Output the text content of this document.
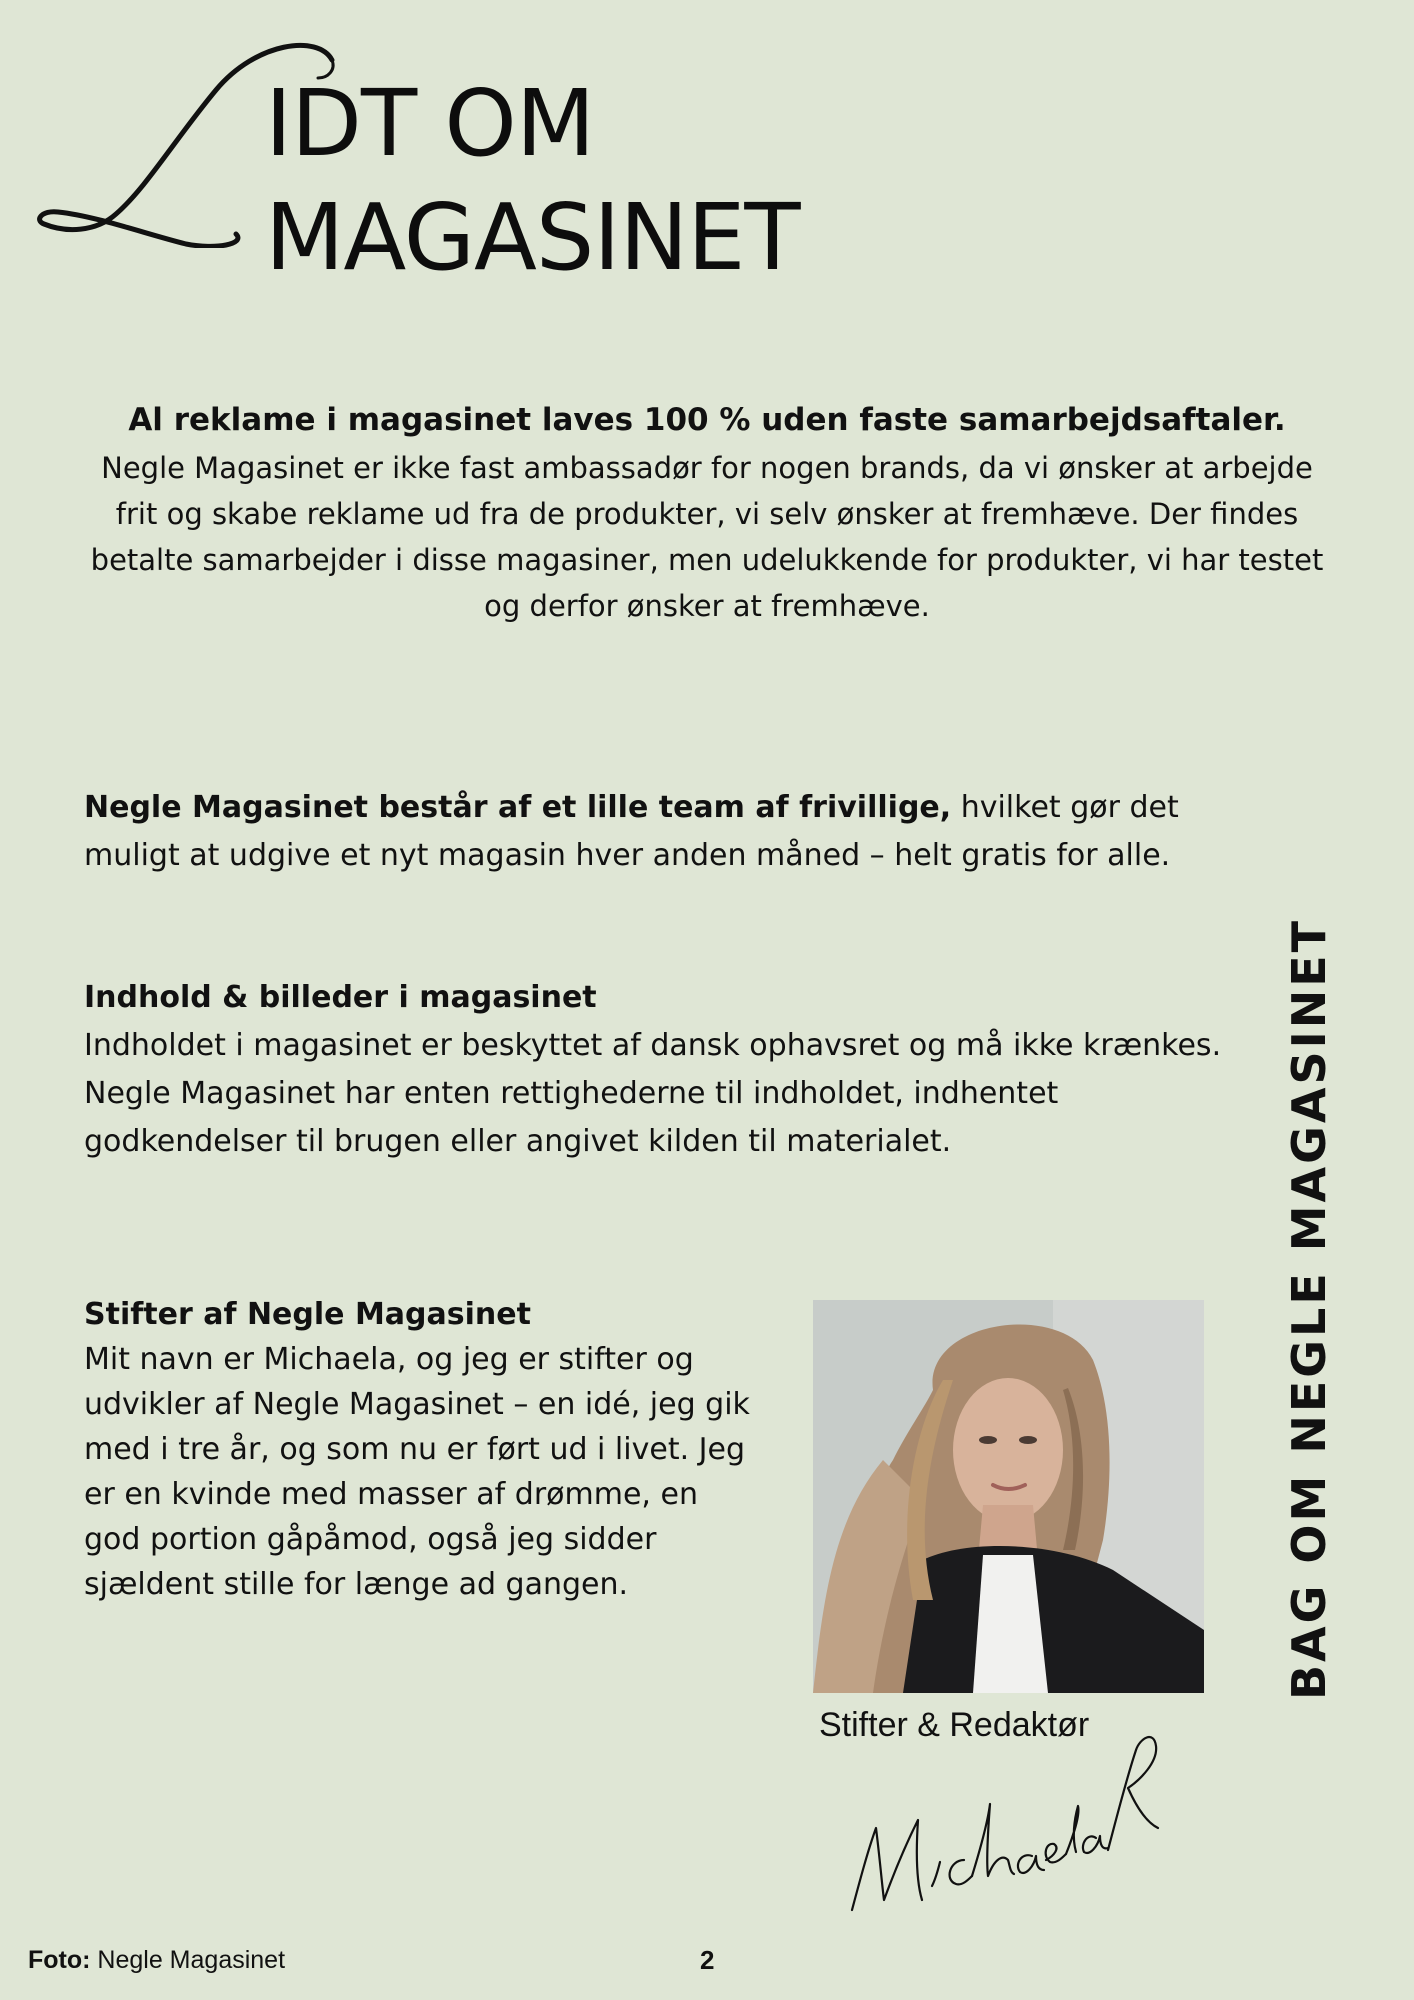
IDT OM
MAGASINET
Al reklame i magasinet laves 100 % uden faste samarbejdsaftaler.
Negle Magasinet er ikke fast ambassadør for nogen brands, da vi ønsker at arbejde frit og skabe reklame ud fra de produkter, vi selv ønsker at fremhæve. Der findes betalte samarbejder i disse magasiner, men udelukkende for produkter, vi har testet og derfor ønsker at fremhæve.
Negle Magasinet består af et lille team af frivillige, hvilket gør det muligt at udgive et nyt magasin hver anden måned – helt gratis for alle.
Indhold & billeder i magasinet
Indholdet i magasinet er beskyttet af dansk ophavsret og må ikke krænkes. Negle Magasinet har enten rettighederne til indholdet, indhentet godkendelser til brugen eller angivet kilden til materialet.
Stifter af Negle Magasinet
Mit navn er Michaela, og jeg er stifter og udvikler af Negle Magasinet – en idé, jeg gik med i tre år, og som nu er ført ud i livet. Jeg er en kvinde med masser af drømme, en god portion gåpåmod, også jeg sidder sjældent stille for længe ad gangen.
Stifter & Redaktør
BAG OM NEGLE MAGASINET
Foto: Negle Magasinet	2
